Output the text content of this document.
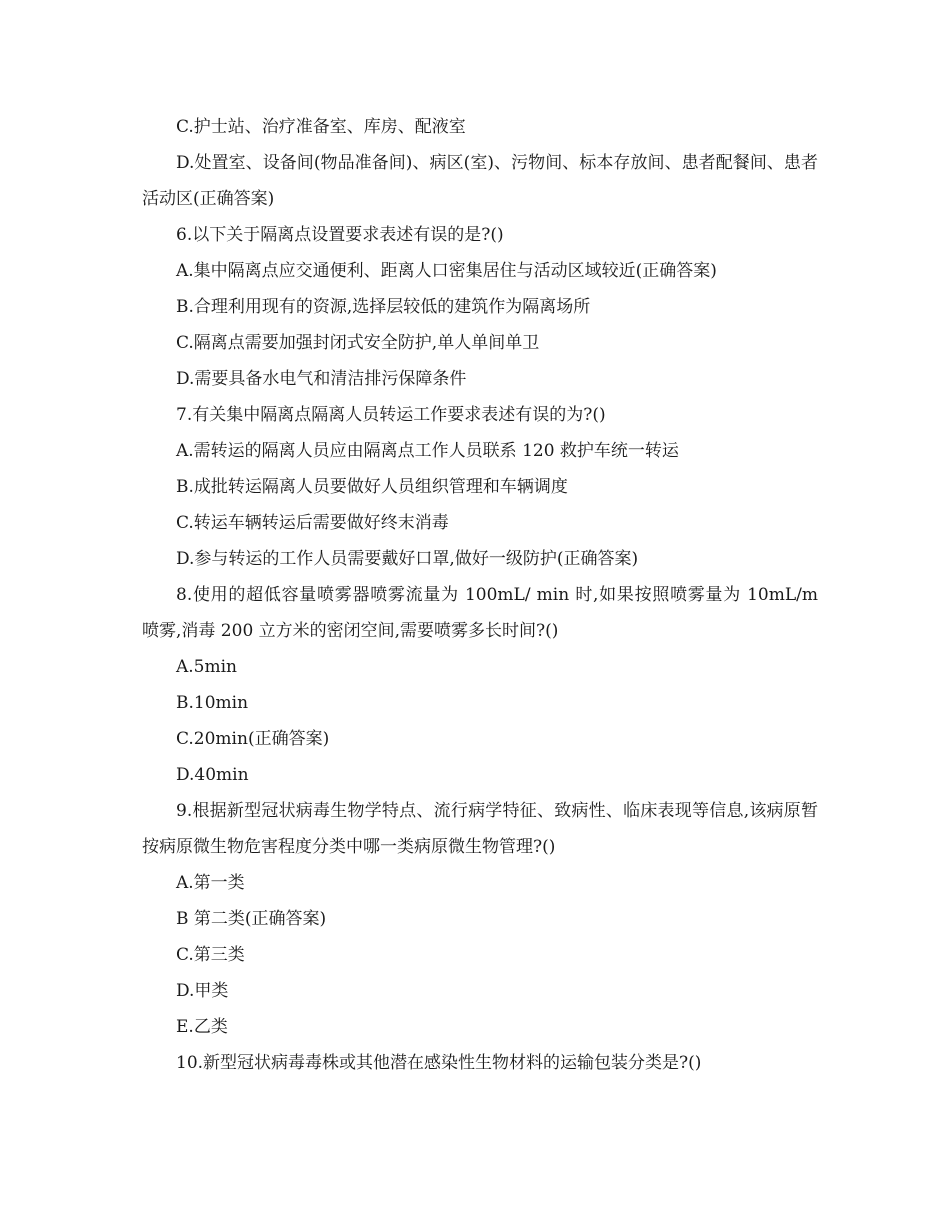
C.护士站、治疗准备室、库房、配液室

D.处置室、设备间(物品准备间)、病区(室)、污物间、标本存放间、患者配餐间、患者活动区(正确答案)

6.以下关于隔离点设置要求表述有误的是?()

A.集中隔离点应交通便利、距离人口密集居住与活动区域较近(正确答案)

B.合理利用现有的资源,选择层较低的建筑作为隔离场所

C.隔离点需要加强封闭式安全防护,单人单间单卫

D.需要具备水电气和清洁排污保障条件

7.有关集中隔离点隔离人员转运工作要求表述有误的为?()

A.需转运的隔离人员应由隔离点工作人员联系 120 救护车统一转运

B.成批转运隔离人员要做好人员组织管理和车辆调度

C.转运车辆转运后需要做好终末消毒

D.参与转运的工作人员需要戴好口罩,做好一级防护(正确答案)

8.使用的超低容量喷雾器喷雾流量为 100mL/ min 时,如果按照喷雾量为 10mL/m 喷雾,消毒 200 立方米的密闭空间,需要喷雾多长时间?()

A.5min

B.10min

C.20min(正确答案)

D.40min

9.根据新型冠状病毒生物学特点、流行病学特征、致病性、临床表现等信息,该病原暂按病原微生物危害程度分类中哪一类病原微生物管理?()

A.第一类

B 第二类(正确答案)

C.第三类

D.甲类

E.乙类

10.新型冠状病毒毒株或其他潜在感染性生物材料的运输包装分类是?()
